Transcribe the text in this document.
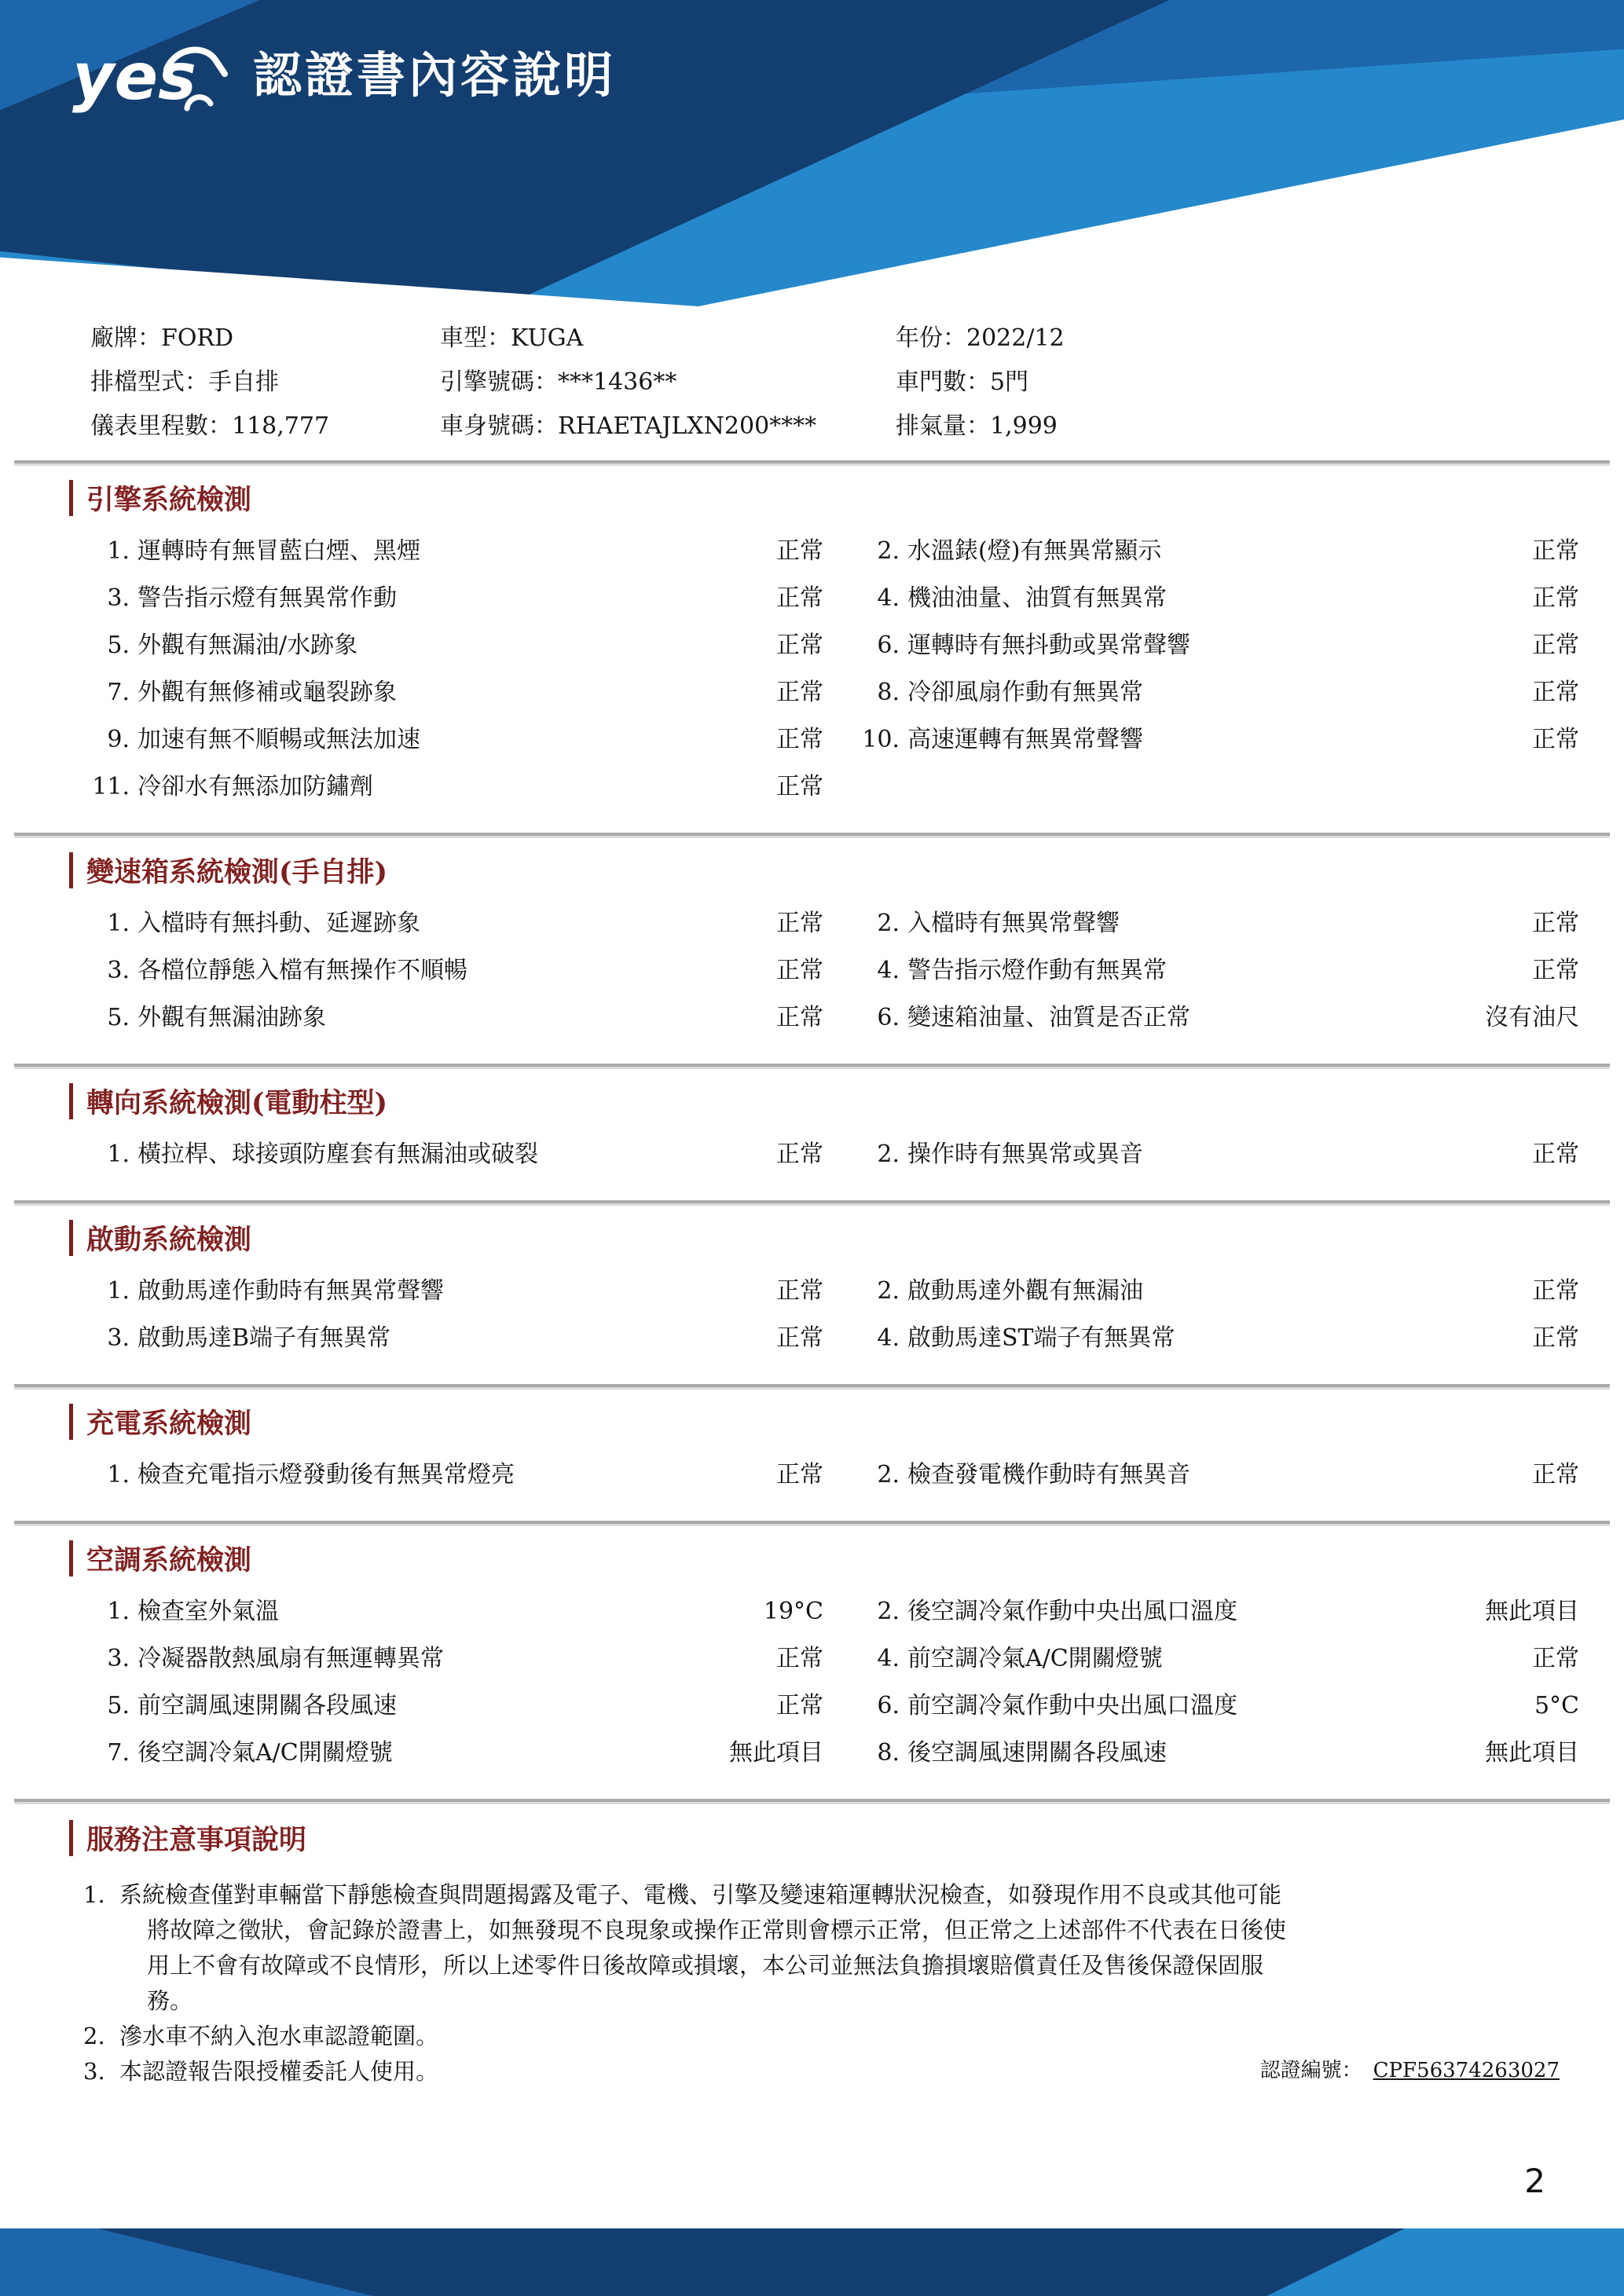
yes 認證書內容說明
廠牌：FORD	車型：KUGA	年份：2022/12
排檔型式：手自排	引擎號碼：***1436**	車門數：5門
儀表里程數：118,777	車身號碼：RHAETAJLXN200****	排氣量：1,999
引擎系統檢測
1. 運轉時有無冒藍白煙、黑煙	正常	2. 水溫錶(燈)有無異常顯示	正常
3. 警告指示燈有無異常作動	正常	4. 機油油量、油質有無異常	正常
5. 外觀有無漏油/水跡象	正常	6. 運轉時有無抖動或異常聲響	正常
7. 外觀有無修補或龜裂跡象	正常	8. 冷卻風扇作動有無異常	正常
9. 加速有無不順暢或無法加速	正常 10. 高速運轉有無異常聲響	正常
11. 冷卻水有無添加防鏽劑	正常
變速箱系統檢測(手自排)
1. 入檔時有無抖動、延遲跡象	正常	2. 入檔時有無異常聲響	正常
3. 各檔位靜態入檔有無操作不順暢	正常	4. 警告指示燈作動有無異常	正常
5. 外觀有無漏油跡象	正常	6. 變速箱油量、油質是否正常	沒有油尺
轉向系統檢測(電動柱型)
1. 橫拉桿、球接頭防塵套有無漏油或破裂	正常	2. 操作時有無異常或異音	正常
啟動系統檢測
1. 啟動馬達作動時有無異常聲響	正常	2. 啟動馬達外觀有無漏油	正常
3. 啟動馬達B端子有無異常	正常	4. 啟動馬達ST端子有無異常	正常
充電系統檢測
1. 檢查充電指示燈發動後有無異常燈亮	正常	2. 檢查發電機作動時有無異音	正常
空調系統檢測
1. 檢查室外氣溫	19°C	2. 後空調冷氣作動中央出風口溫度	無此項目
3. 冷凝器散熱風扇有無運轉異常	正常	4. 前空調冷氣A/C開關燈號	正常
5. 前空調風速開關各段風速	正常	6. 前空調冷氣作動中央出風口溫度	5°C
7. 後空調冷氣A/C開關燈號	無此項目	8. 後空調風速開關各段風速	無此項目
服務注意事項說明
1. 系統檢查僅對車輛當下靜態檢查與問題揭露及電子、電機、引擎及變速箱運轉狀況檢查，如發現作用不良或其他可能將故障之徵狀，會記錄於證書上，如無發現不良現象或操作正常則會標示正常，但正常之上述部件不代表在日後使用上不會有故障或不良情形，所以上述零件日後故障或損壞，本公司並無法負擔損壞賠償責任及售後保證保固服務。
2. 滲水車不納入泡水車認證範圍。
3. 本認證報告限授權委託人使用。	認證編號： CPF56374263027
2
